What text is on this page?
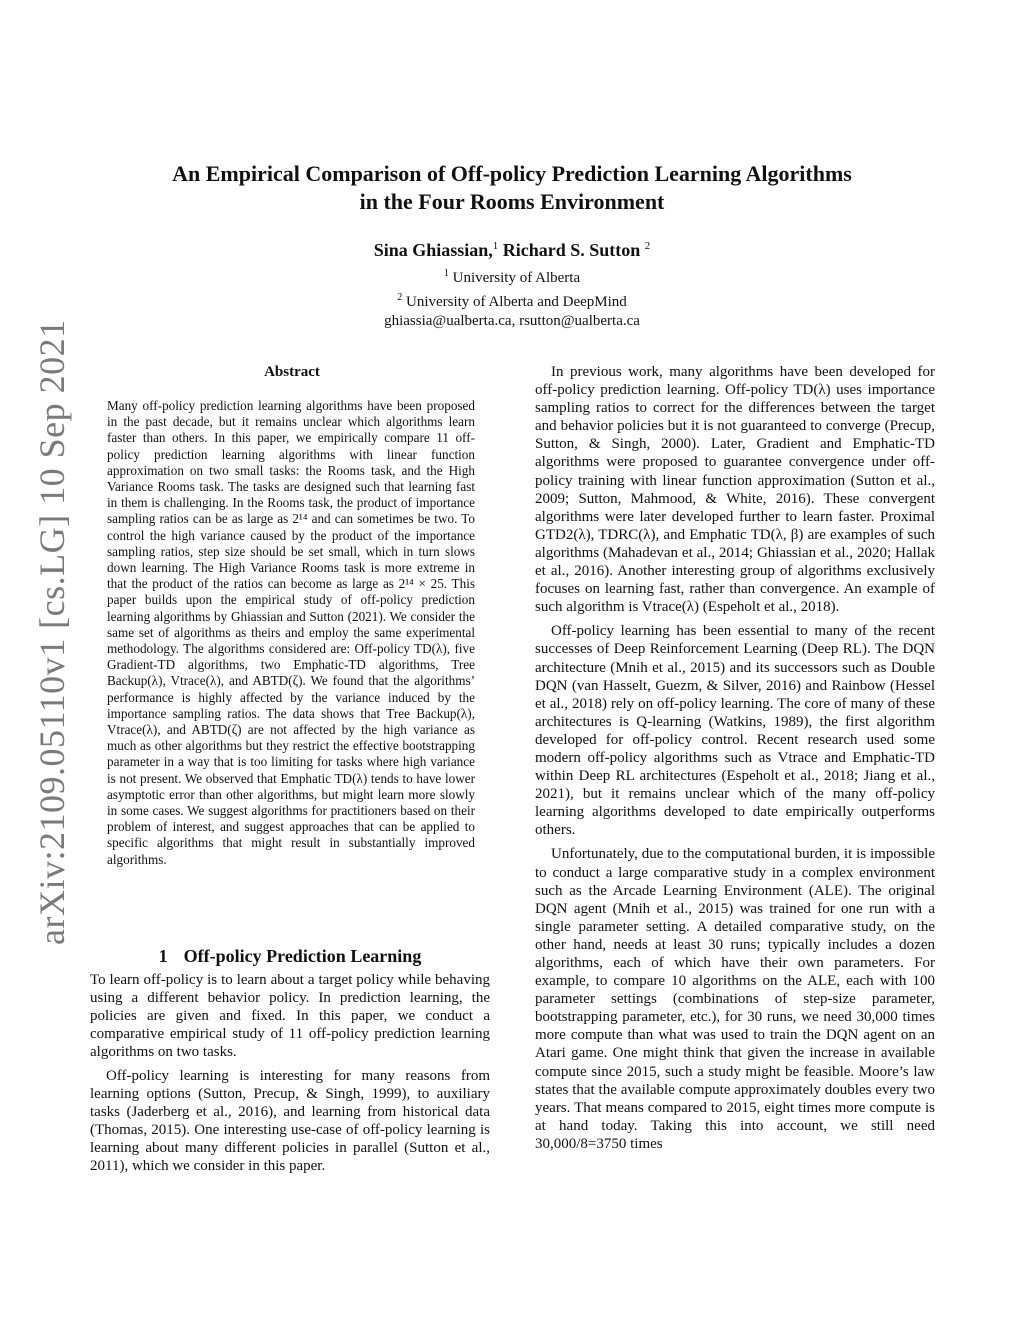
An Empirical Comparison of Off-policy Prediction Learning Algorithms
in the Four Rooms Environment
Sina Ghiassian,$^1$ Richard S. Sutton $^2$
$^1$ University of Alberta
$^2$ University of Alberta and DeepMind
ghiassia@ualberta.ca, rsutton@ualberta.ca
arXiv:2109.05110v1 [cs.LG] 10 Sep 2021	Abstract

Many off-policy prediction learning algorithms have been proposed in the past decade, but it remains unclear which algorithms learn faster than others. In this paper, we empirically compare 11 off-policy prediction learning algorithms with linear function approximation on two small tasks: the Rooms task, and the High Variance Rooms task. The tasks are designed such that learning fast in them is challenging. In the Rooms task, the product of importance sampling ratios can be as large as 2¹⁴ and can sometimes be two. To control the high variance caused by the product of the importance sampling ratios, step size should be set small, which in turn slows down learning. The High Variance Rooms task is more extreme in that the product of the ratios can become as large as 2¹⁴ × 25. This paper builds upon the empirical study of off-policy prediction learning algorithms by Ghiassian and Sutton (2021). We consider the same set of algorithms as theirs and employ the same experimental methodology. The algorithms considered are: Off-policy TD(λ), five Gradient-TD algorithms, two Emphatic-TD algorithms, Tree Backup(λ), Vtrace(λ), and ABTD(ζ). We found that the algorithms’ performance is highly affected by the variance induced by the importance sampling ratios. The data shows that Tree Backup(λ), Vtrace(λ), and ABTD(ζ) are not affected by the high variance as much as other algorithms but they restrict the effective bootstrapping parameter in a way that is too limiting for tasks where high variance is not present. We observed that Emphatic TD(λ) tends to have lower asymptotic error than other algorithms, but might learn more slowly in some cases. We suggest algorithms for practitioners based on their problem of interest, and suggest approaches that can be applied to specific algorithms that might result in substantially improved algorithms.

1 Off-policy Prediction Learning

To learn off-policy is to learn about a target policy while behaving using a different behavior policy. In prediction learning, the policies are given and fixed. In this paper, we conduct a comparative empirical study of 11 off-policy prediction learning algorithms on two tasks.

Off-policy learning is interesting for many reasons from learning options (Sutton, Precup, & Singh, 1999), to auxiliary tasks (Jaderberg et al., 2016), and learning from historical data (Thomas, 2015). One interesting use-case of off-policy learning is learning about many different policies in parallel (Sutton et al., 2011), which we consider in this paper.

In previous work, many algorithms have been developed for off-policy prediction learning. Off-policy TD(λ) uses importance sampling ratios to correct for the differences between the target and behavior policies but it is not guaranteed to converge (Precup, Sutton, & Singh, 2000). Later, Gradient and Emphatic-TD algorithms were proposed to guarantee convergence under off-policy training with linear function approximation (Sutton et al., 2009; Sutton, Mahmood, & White, 2016). These convergent algorithms were later developed further to learn faster. Proximal GTD2(λ), TDRC(λ), and Emphatic TD(λ, β) are examples of such algorithms (Mahadevan et al., 2014; Ghiassian et al., 2020; Hallak et al., 2016). Another interesting group of algorithms exclusively focuses on learning fast, rather than convergence. An example of such algorithm is Vtrace(λ) (Espeholt et al., 2018).

Off-policy learning has been essential to many of the recent successes of Deep Reinforcement Learning (Deep RL). The DQN architecture (Mnih et al., 2015) and its successors such as Double DQN (van Hasselt, Guezm, & Silver, 2016) and Rainbow (Hessel et al., 2018) rely on off-policy learning. The core of many of these architectures is Q-learning (Watkins, 1989), the first algorithm developed for off-policy control. Recent research used some modern off-policy algorithms such as Vtrace and Emphatic-TD within Deep RL architectures (Espeholt et al., 2018; Jiang et al., 2021), but it remains unclear which of the many off-policy learning algorithms developed to date empirically outperforms others.

Unfortunately, due to the computational burden, it is impossible to conduct a large comparative study in a complex environment such as the Arcade Learning Environment (ALE). The original DQN agent (Mnih et al., 2015) was trained for one run with a single parameter setting. A detailed comparative study, on the other hand, needs at least 30 runs; typically includes a dozen algorithms, each of which have their own parameters. For example, to compare 10 algorithms on the ALE, each with 100 parameter settings (combinations of step-size parameter, bootstrapping parameter, etc.), for 30 runs, we need 30,000 times more compute than what was used to train the DQN agent on an Atari game. One might think that given the increase in available compute since 2015, such a study might be feasible. Moore’s law states that the available compute approximately doubles every two years. That means compared to 2015, eight times more compute is at hand today. Taking this into account, we still need 30,000/8=3750 times
